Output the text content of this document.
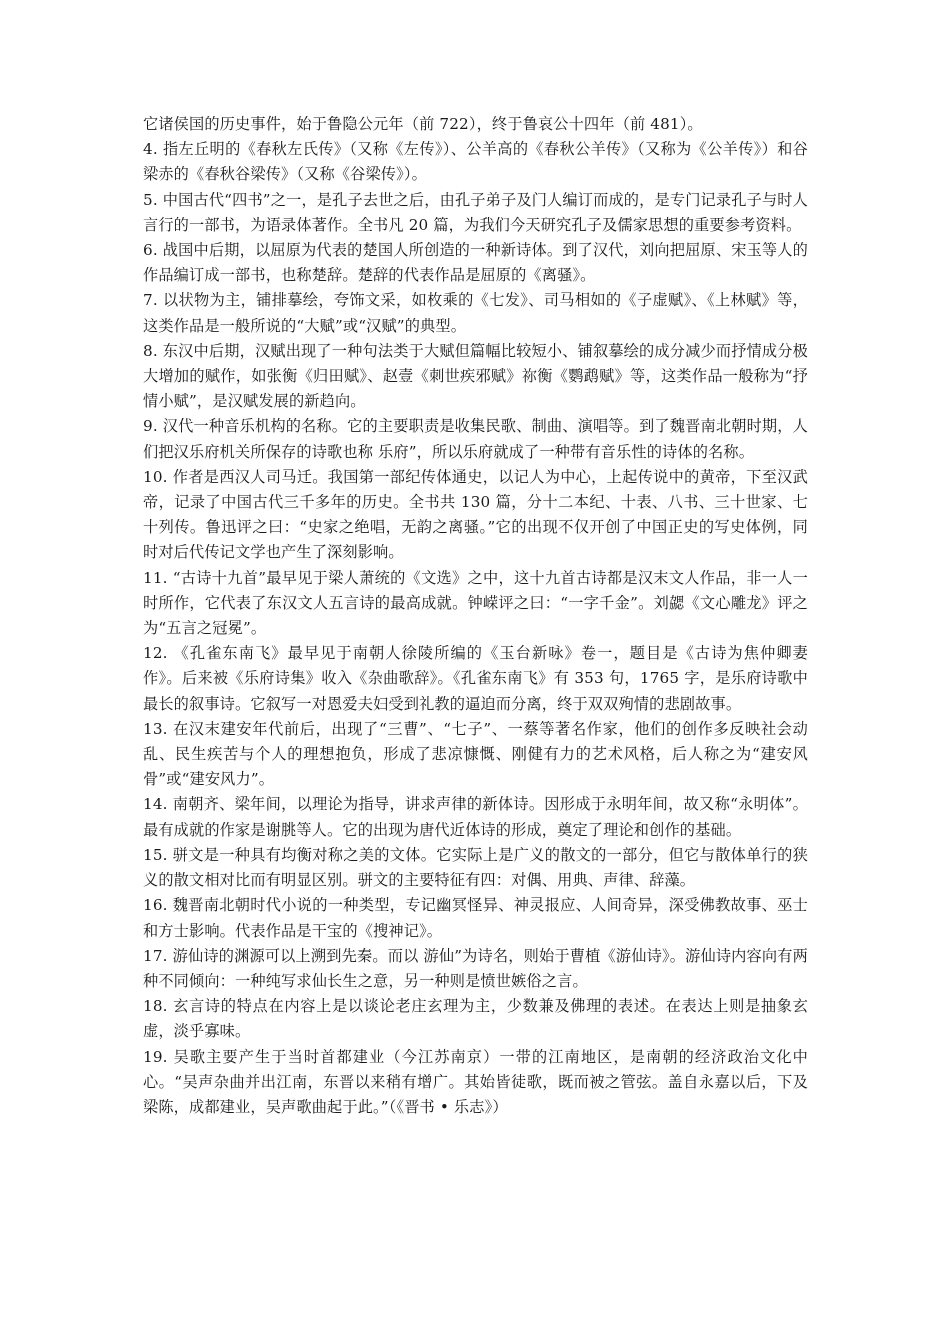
它诸侯国的历史事件，始于鲁隐公元年（前 722），终于鲁哀公十四年（前 481）。

4. 指左丘明的《春秋左氏传》（又称《左传》）、公羊高的《春秋公羊传》（又称为《公羊传》）和谷梁赤的《春秋谷梁传》（又称《谷梁传》）。

5. 中国古代“四书”之一，是孔子去世之后，由孔子弟子及门人编订而成的，是专门记录孔子与时人言行的一部书，为语录体著作。全书凡 20 篇，为我们今天研究孔子及儒家思想的重要参考资料。

6. 战国中后期，以屈原为代表的楚国人所创造的一种新诗体。到了汉代，刘向把屈原、宋玉等人的作品编订成一部书，也称楚辞。楚辞的代表作品是屈原的《离骚》。

7. 以状物为主，铺排摹绘，夸饰文采，如枚乘的《七发》、司马相如的《子虚赋》、《上林赋》等，这类作品是一般所说的“大赋”或“汉赋”的典型。

8. 东汉中后期，汉赋出现了一种句法类于大赋但篇幅比较短小、铺叙摹绘的成分减少而抒情成分极大增加的赋作，如张衡《归田赋》、赵壹《刺世疾邪赋》祢衡《鹦鹉赋》等，这类作品一般称为“抒情小赋”，是汉赋发展的新趋向。

9. 汉代一种音乐机构的名称。它的主要职责是收集民歌、制曲、演唱等。到了魏晋南北朝时期，人们把汉乐府机关所保存的诗歌也称 乐府”，所以乐府就成了一种带有音乐性的诗体的名称。

10. 作者是西汉人司马迁。我国第一部纪传体通史，以记人为中心，上起传说中的黄帝，下至汉武帝，记录了中国古代三千多年的历史。全书共 130 篇，分十二本纪、十表、八书、三十世家、七十列传。鲁迅评之曰：“史家之绝唱，无韵之离骚。”它的出现不仅开创了中国正史的写史体例，同时对后代传记文学也产生了深刻影响。

11. “古诗十九首”最早见于梁人萧统的《文选》之中，这十九首古诗都是汉末文人作品，非一人一时所作，它代表了东汉文人五言诗的最高成就。钟嵘评之曰：“一字千金”。刘勰《文心雕龙》评之为“五言之冠冕”。

12. 《孔雀东南飞》最早见于南朝人徐陵所编的《玉台新咏》卷一，题目是《古诗为焦仲卿妻作》。后来被《乐府诗集》收入《杂曲歌辞》。《孔雀东南飞》有 353 句，1765 字，是乐府诗歌中最长的叙事诗。它叙写一对恩爱夫妇受到礼教的逼迫而分离，终于双双殉情的悲剧故事。

13. 在汉末建安年代前后，出现了“三曹”、“七子”、一蔡等著名作家，他们的创作多反映社会动乱、民生疾苦与个人的理想抱负，形成了悲凉慷慨、刚健有力的艺术风格，后人称之为“建安风骨”或“建安风力”。

14. 南朝齐、梁年间，以理论为指导，讲求声律的新体诗。因形成于永明年间，故又称“永明体”。最有成就的作家是谢朓等人。它的出现为唐代近体诗的形成，奠定了理论和创作的基础。

15. 骈文是一种具有均衡对称之美的文体。它实际上是广义的散文的一部分，但它与散体单行的狭义的散文相对比而有明显区别。骈文的主要特征有四：对偶、用典、声律、辞藻。

16. 魏晋南北朝时代小说的一种类型，专记幽冥怪异、神灵报应、人间奇异，深受佛教故事、巫士和方士影响。代表作品是干宝的《搜神记》。

17. 游仙诗的渊源可以上溯到先秦。而以 游仙”为诗名，则始于曹植《游仙诗》。游仙诗内容向有两种不同倾向：一种纯写求仙长生之意，另一种则是愤世嫉俗之言。

18. 玄言诗的特点在内容上是以谈论老庄玄理为主，少数兼及佛理的表述。在表达上则是抽象玄虚，淡乎寡味。

19. 吴歌主要产生于当时首都建业（今江苏南京）一带的江南地区，是南朝的经济政治文化中心。“吴声杂曲并出江南，东晋以来稍有增广。其始皆徒歌，既而被之管弦。盖自永嘉以后，下及梁陈，成都建业，吴声歌曲起于此。”（《晋书 • 乐志》）
